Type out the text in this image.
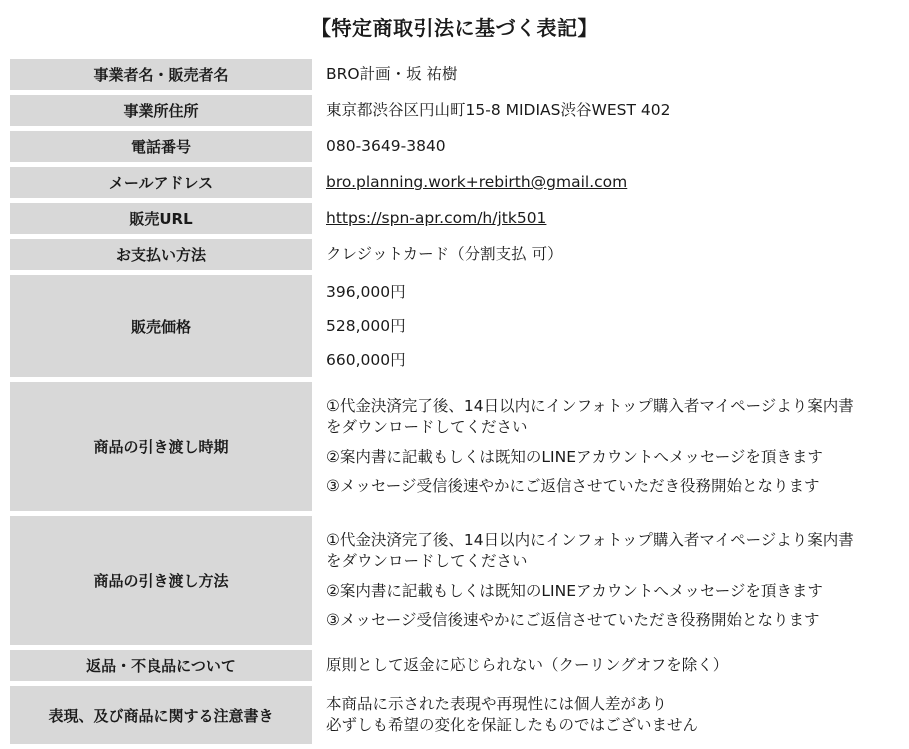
【特定商取引法に基づく表記】
事業者名・販売者名	BRO計画・坂 祐樹
事業所住所	東京都渋谷区円山町15-8 MIDIAS渋谷WEST 402
電話番号	080-3649-3840
メールアドレス	bro.planning.work+rebirth@gmail.com
販売URL	https://spn-apr.com/h/jtk501
お支払い方法	クレジットカード（分割支払 可）
販売価格	396,000円
528,000円
660,000円

商品の引き渡し時期	①代金決済完了後、14日以内にインフォトップ購入者マイページより案内書
をダウンロードしてください
②案内書に記載もしくは既知のLINEアカウントへメッセージを頂きます
③メッセージ受信後速やかにご返信させていただき役務開始となります

商品の引き渡し方法	①代金決済完了後、14日以内にインフォトップ購入者マイページより案内書
をダウンロードしてください
②案内書に記載もしくは既知のLINEアカウントへメッセージを頂きます
③メッセージ受信後速やかにご返信させていただき役務開始となります

返品・不良品について	原則として返金に応じられない（クーリングオフを除く）
表現、及び商品に関する注意書き	本商品に示された表現や再現性には個人差があり
必ずしも希望の変化を保証したものではございません
